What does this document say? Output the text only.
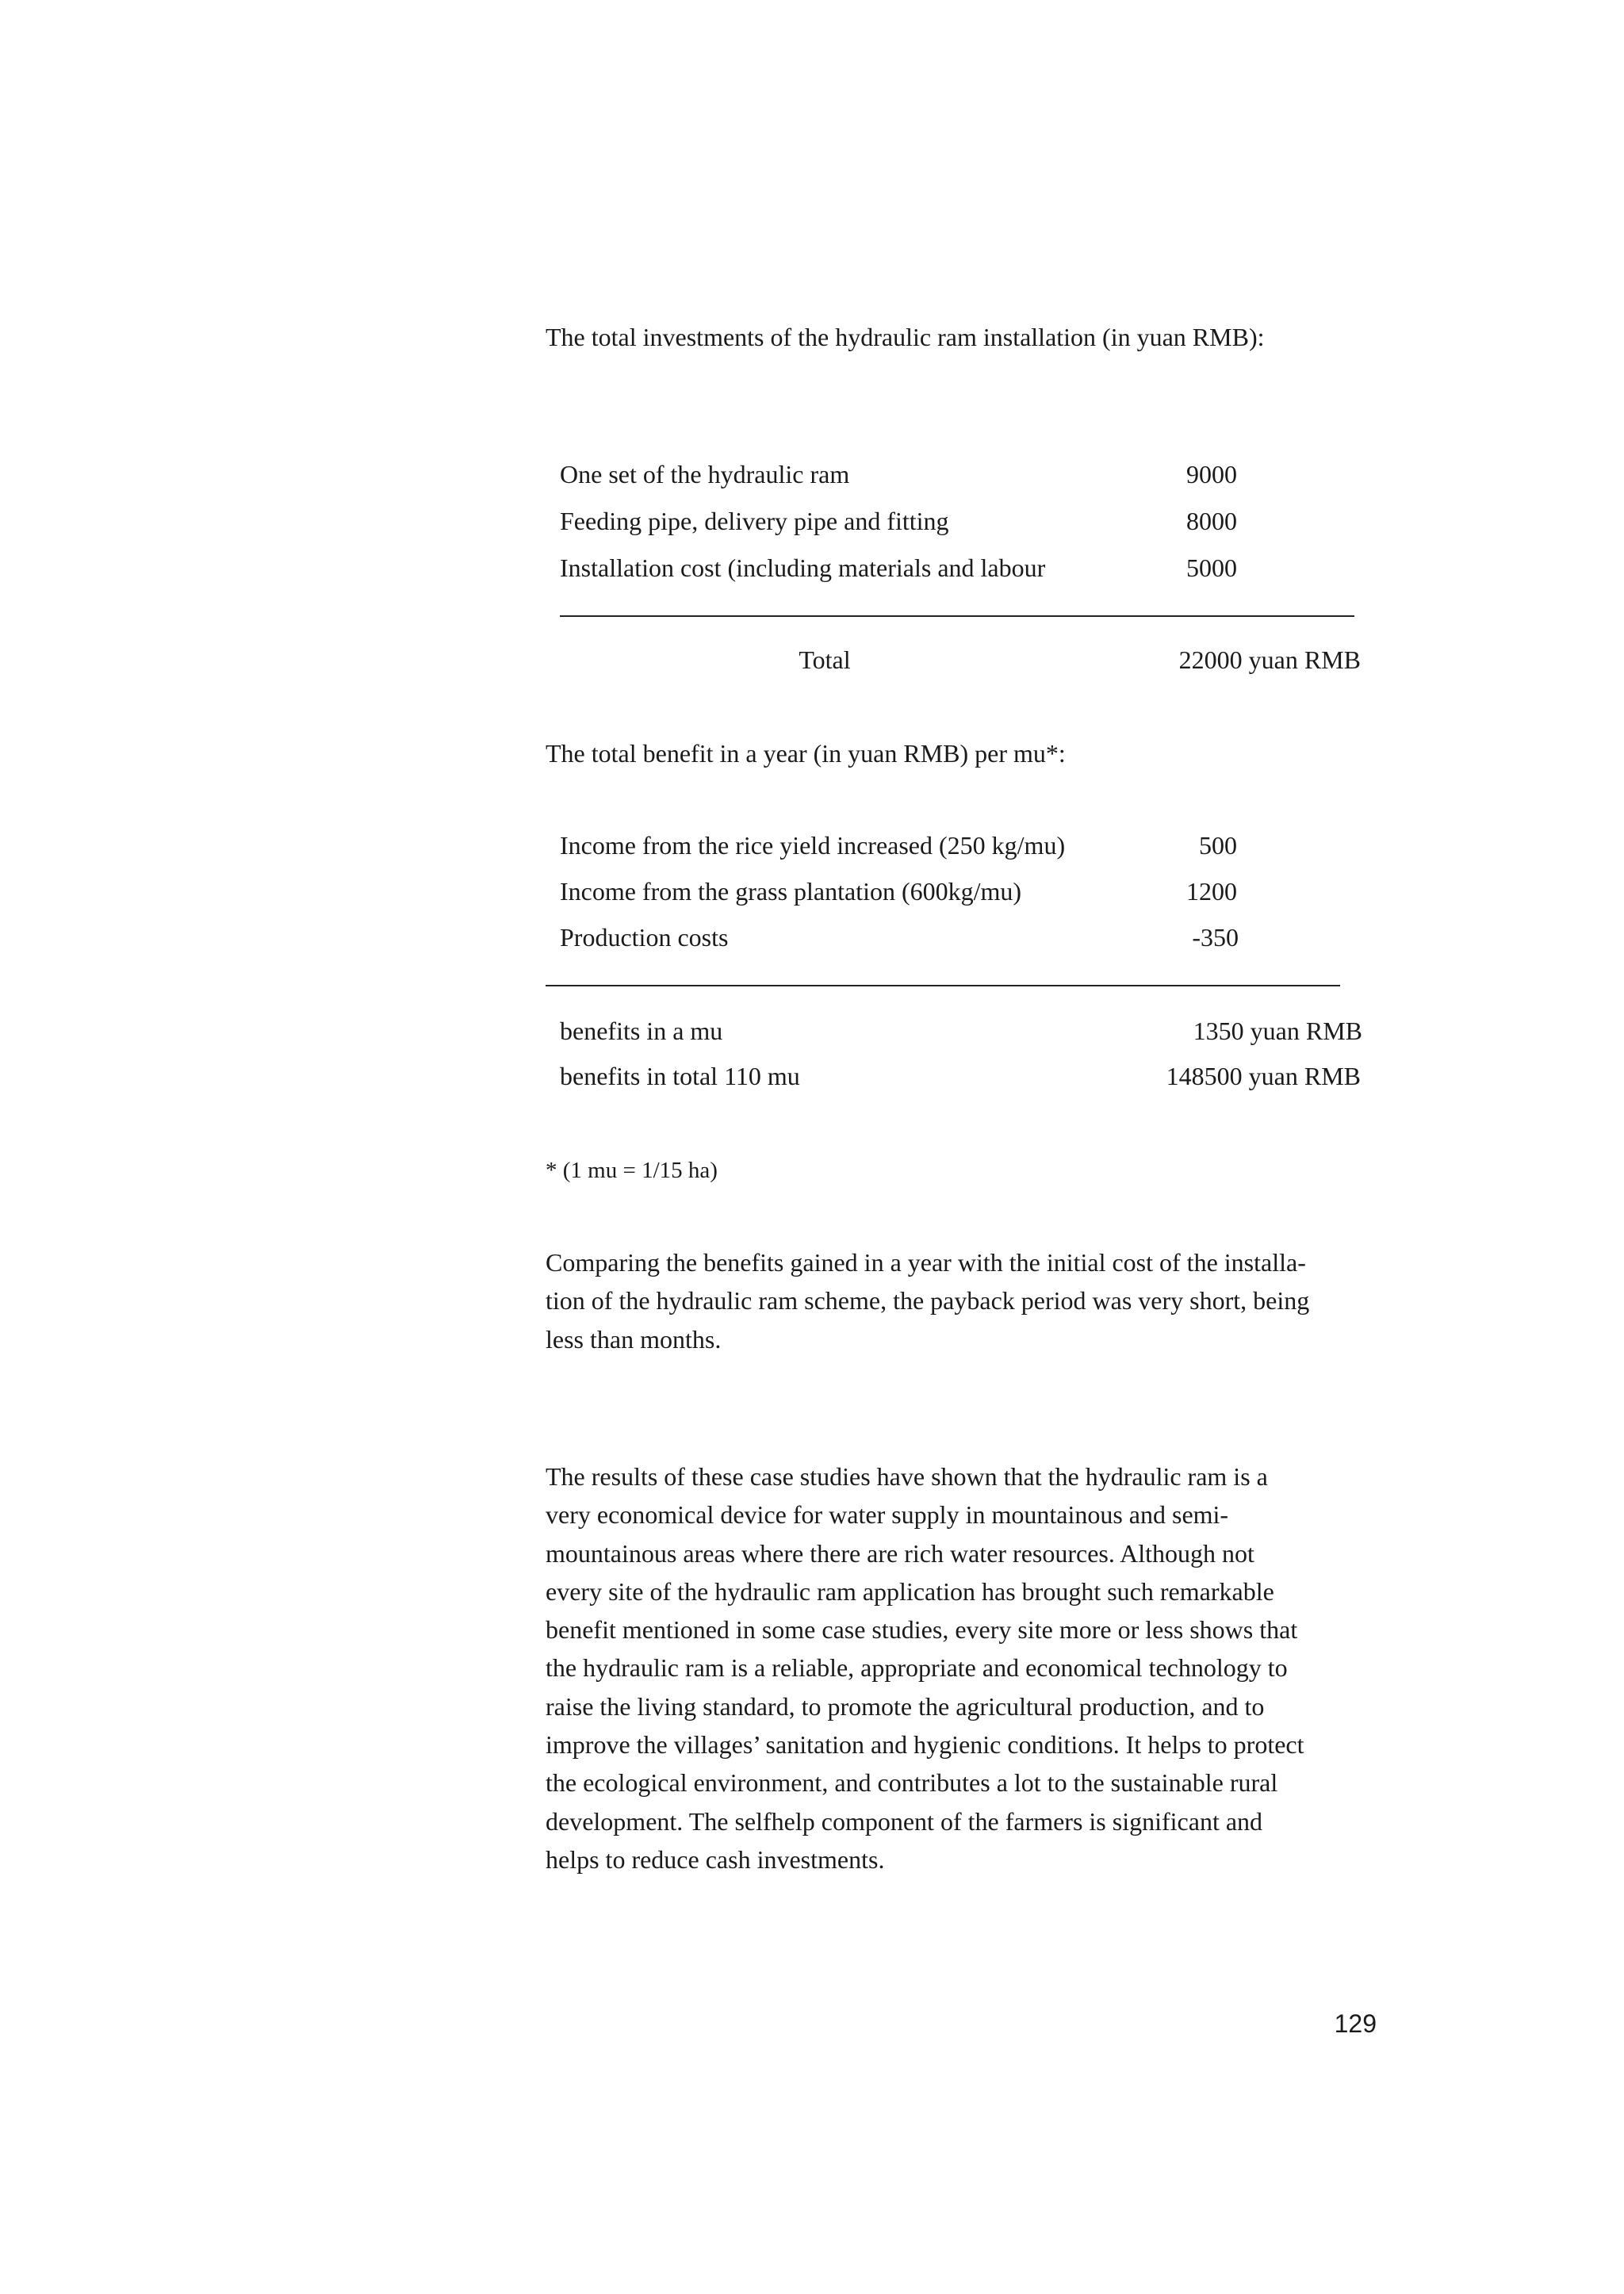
The total investments of the hydraulic ram installation (in yuan RMB):
One set of the hydraulic ram	9000
Feeding pipe, delivery pipe and fitting	8000
Installation cost (including materials and labour	5000
Total	22000 yuan RMB
The total benefit in a year (in yuan RMB) per mu*:
Income from the rice yield increased (250 kg/mu)	500
Income from the grass plantation (600kg/mu)	1200
Production costs	-350
benefits in a mu	1350 yuan RMB
benefits in total 110 mu	148500 yuan RMB
* (1 mu = 1/15 ha)
Comparing the benefits gained in a year with the initial cost of the installa-
tion of the hydraulic ram scheme, the payback period was very short, being
less than months.
The results of these case studies have shown that the hydraulic ram is a
very economical device for water supply in mountainous and semi-
mountainous areas where there are rich water resources. Although not
every site of the hydraulic ram application has brought such remarkable
benefit mentioned in some case studies, every site more or less shows that
the hydraulic ram is a reliable, appropriate and economical technology to
raise the living standard, to promote the agricultural production, and to
improve the villages’ sanitation and hygienic conditions. It helps to protect
the ecological environment, and contributes a lot to the sustainable rural
development. The selfhelp component of the farmers is significant and
helps to reduce cash investments.
129
